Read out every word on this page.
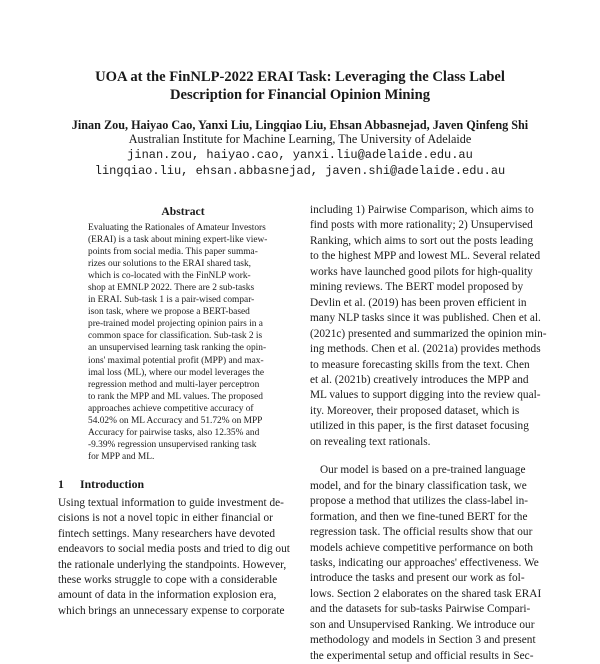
UOA at the FinNLP-2022 ERAI Task: Leveraging the Class Label
Description for Financial Opinion Mining
Jinan Zou, Haiyao Cao, Yanxi Liu, Lingqiao Liu, Ehsan Abbasnejad, Javen Qinfeng Shi
Australian Institute for Machine Learning, The University of Adelaide
jinan.zou, haiyao.cao, yanxi.liu@adelaide.edu.au
lingqiao.liu, ehsan.abbasnejad, javen.shi@adelaide.edu.au
Abstract
Evaluating the Rationales of Amateur Investors
(ERAI) is a task about mining expert-like view-
points from social media. This paper summa-
rizes our solutions to the ERAI shared task,
which is co-located with the FinNLP work-
shop at EMNLP 2022. There are 2 sub-tasks
in ERAI. Sub-task 1 is a pair-wised compar-
ison task, where we propose a BERT-based
pre-trained model projecting opinion pairs in a
common space for classification. Sub-task 2 is
an unsupervised learning task ranking the opin-
ions' maximal potential profit (MPP) and max-
imal loss (ML), where our model leverages the
regression method and multi-layer perceptron
to rank the MPP and ML values. The proposed
approaches achieve competitive accuracy of
54.02% on ML Accuracy and 51.72% on MPP
Accuracy for pairwise tasks, also 12.35% and
-9.39% regression unsupervised ranking task
for MPP and ML.
1 Introduction
Using textual information to guide investment de-
cisions is not a novel topic in either financial or
fintech settings. Many researchers have devoted
endeavors to social media posts and tried to dig out
the rationale underlying the standpoints. However,
these works struggle to cope with a considerable
amount of data in the information explosion era,
which brings an unnecessary expense to corporate
including 1) Pairwise Comparison, which aims to
find posts with more rationality; 2) Unsupervised
Ranking, which aims to sort out the posts leading
to the highest MPP and lowest ML. Several related
works have launched good pilots for high-quality
mining reviews. The BERT model proposed by
Devlin et al. (2019) has been proven efficient in
many NLP tasks since it was published. Chen et al.
(2021c) presented and summarized the opinion min-
ing methods. Chen et al. (2021a) provides methods
to measure forecasting skills from the text. Chen
et al. (2021b) creatively introduces the MPP and
ML values to support digging into the review qual-
ity. Moreover, their proposed dataset, which is
utilized in this paper, is the first dataset focusing
on revealing text rationals.
Our model is based on a pre-trained language
model, and for the binary classification task, we
propose a method that utilizes the class-label in-
formation, and then we fine-tuned BERT for the
regression task. The official results show that our
models achieve competitive performance on both
tasks, indicating our approaches' effectiveness. We
introduce the tasks and present our work as fol-
lows. Section 2 elaborates on the shared task ERAI
and the datasets for sub-tasks Pairwise Compari-
son and Unsupervised Ranking. We introduce our
methodology and models in Section 3 and present
the experimental setup and official results in Sec-
